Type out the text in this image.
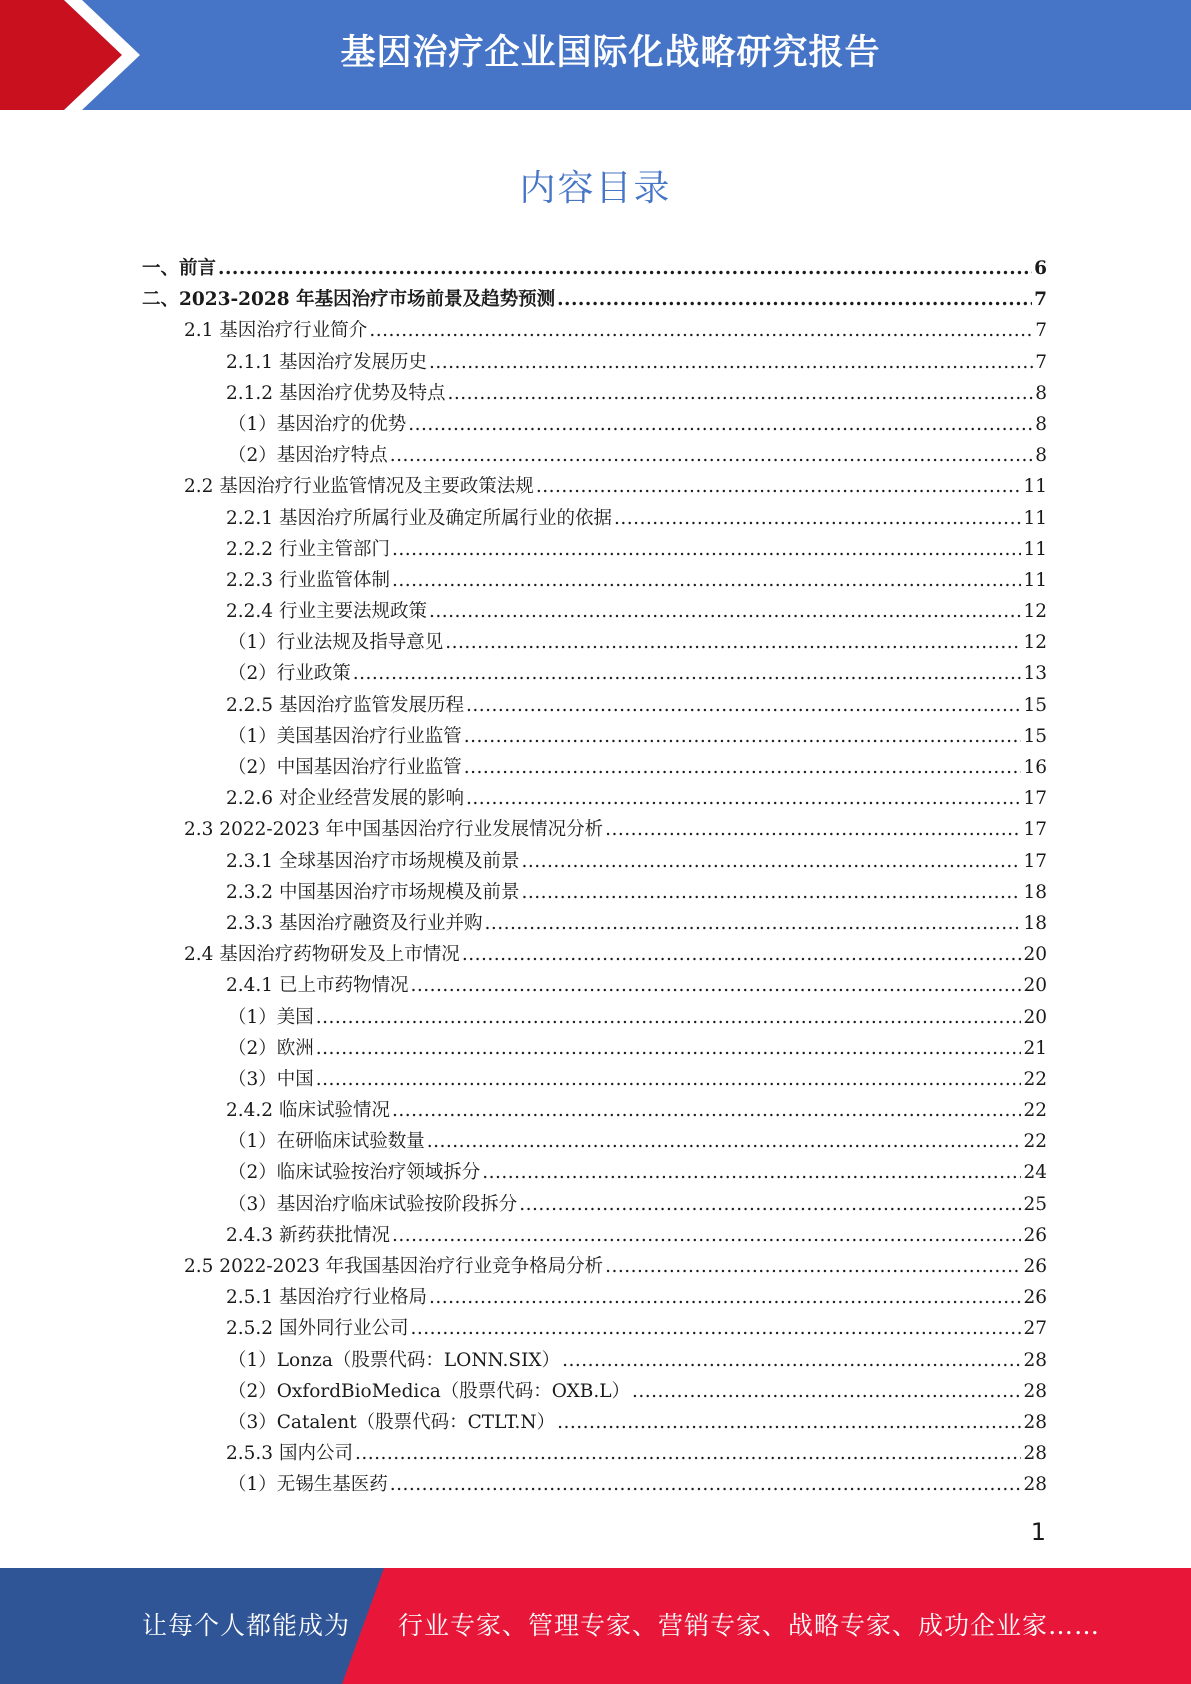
基因治疗企业国际化战略研究报告
内容目录
一、前言 .....	6
二、2023-2028 年基因治疗市场前景及趋势预测 .....	7
2.1 基因治疗行业简介 .....	7
2.1.1 基因治疗发展历史 .....	7
2.1.2 基因治疗优势及特点 .....	8
（1）基因治疗的优势 .....	8
（2）基因治疗特点 .....	8
2.2 基因治疗行业监管情况及主要政策法规 .....	11
2.2.1 基因治疗所属行业及确定所属行业的依据 .....	11
2.2.2 行业主管部门 .....	11
2.2.3 行业监管体制 .....	11
2.2.4 行业主要法规政策 .....	12
（1）行业法规及指导意见 .....	12
（2）行业政策 .....	13
2.2.5 基因治疗监管发展历程 .....	15
（1）美国基因治疗行业监管 .....	15
（2）中国基因治疗行业监管 .....	16
2.2.6 对企业经营发展的影响 .....	17
2.3 2022-2023 年中国基因治疗行业发展情况分析 .....	17
2.3.1 全球基因治疗市场规模及前景 .....	17
2.3.2 中国基因治疗市场规模及前景 .....	18
2.3.3 基因治疗融资及行业并购 .....	18
2.4 基因治疗药物研发及上市情况 .....	20
2.4.1 已上市药物情况 .....	20
（1）美国 .....	20
（2）欧洲 .....	21
（3）中国 .....	22
2.4.2 临床试验情况 .....	22
（1）在研临床试验数量 .....	22
（2）临床试验按治疗领域拆分 .....	24
（3）基因治疗临床试验按阶段拆分 .....	25
2.4.3 新药获批情况 .....	26
2.5 2022-2023 年我国基因治疗行业竞争格局分析 .....	26
2.5.1 基因治疗行业格局 .....	26
2.5.2 国外同行业公司 .....	27
（1）Lonza（股票代码：LONN.SIX） .....	28
（2）OxfordBioMedica（股票代码：OXB.L） .....	28
（3）Catalent（股票代码：CTLT.N） .....	28
2.5.3 国内公司 .....	28
（1）无锡生基医药 .....	28
1
让每个人都能成为 行业专家、管理专家、营销专家、战略专家、成功企业家……
